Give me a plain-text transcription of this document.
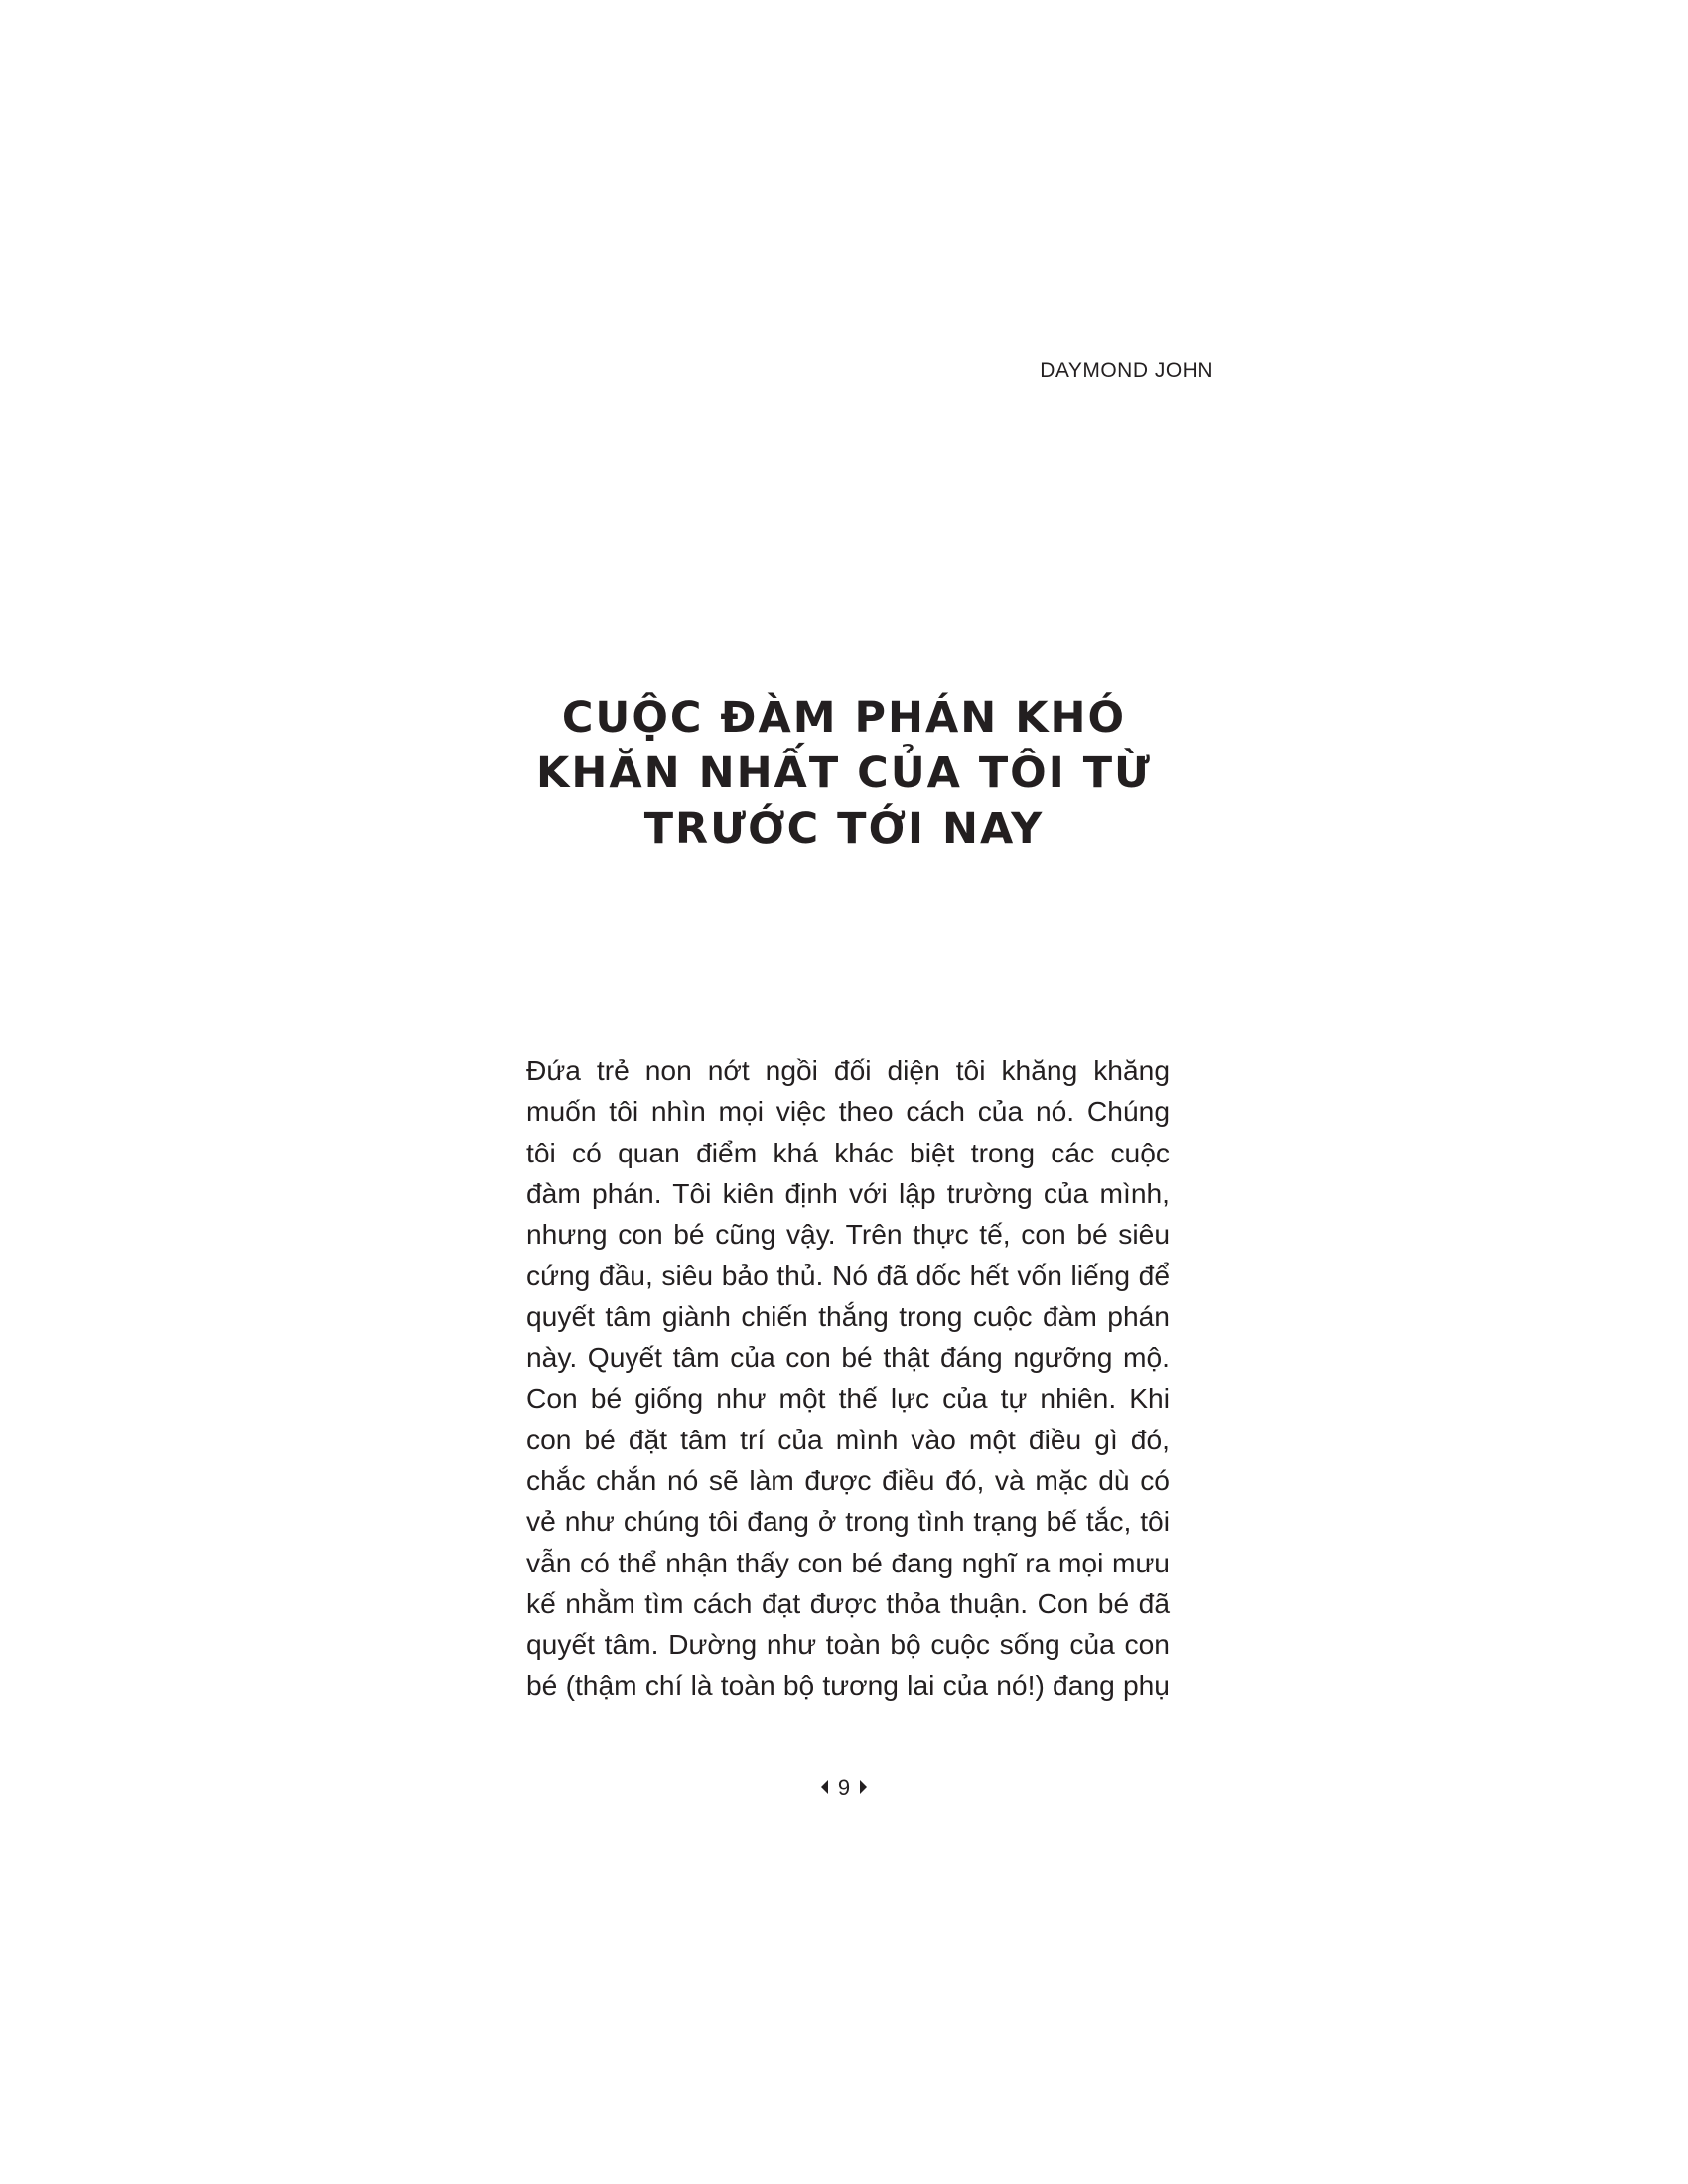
DAYMOND JOHN

CUỘC ĐÀM PHÁN KHÓ
KHĂN NHẤT CỦA TÔI TỪ
TRƯỚC TỚI NAY
Đứa trẻ non nớt ngồi đối diện tôi khăng khăng
muốn tôi nhìn mọi việc theo cách của nó. Chúng
tôi có quan điểm khá khác biệt trong các cuộc
đàm phán. Tôi kiên định với lập trường của mình,
nhưng con bé cũng vậy. Trên thực tế, con bé siêu
cứng đầu, siêu bảo thủ. Nó đã dốc hết vốn liếng để
quyết tâm giành chiến thắng trong cuộc đàm phán
này. Quyết tâm của con bé thật đáng ngưỡng mộ.
Con bé giống như một thế lực của tự nhiên. Khi
con bé đặt tâm trí của mình vào một điều gì đó,
chắc chắn nó sẽ làm được điều đó, và mặc dù có
vẻ như chúng tôi đang ở trong tình trạng bế tắc, tôi
vẫn có thể nhận thấy con bé đang nghĩ ra mọi mưu
kế nhằm tìm cách đạt được thỏa thuận. Con bé đã
quyết tâm. Dường như toàn bộ cuộc sống của con
bé (thậm chí là toàn bộ tương lai của nó!) đang phụ
9
